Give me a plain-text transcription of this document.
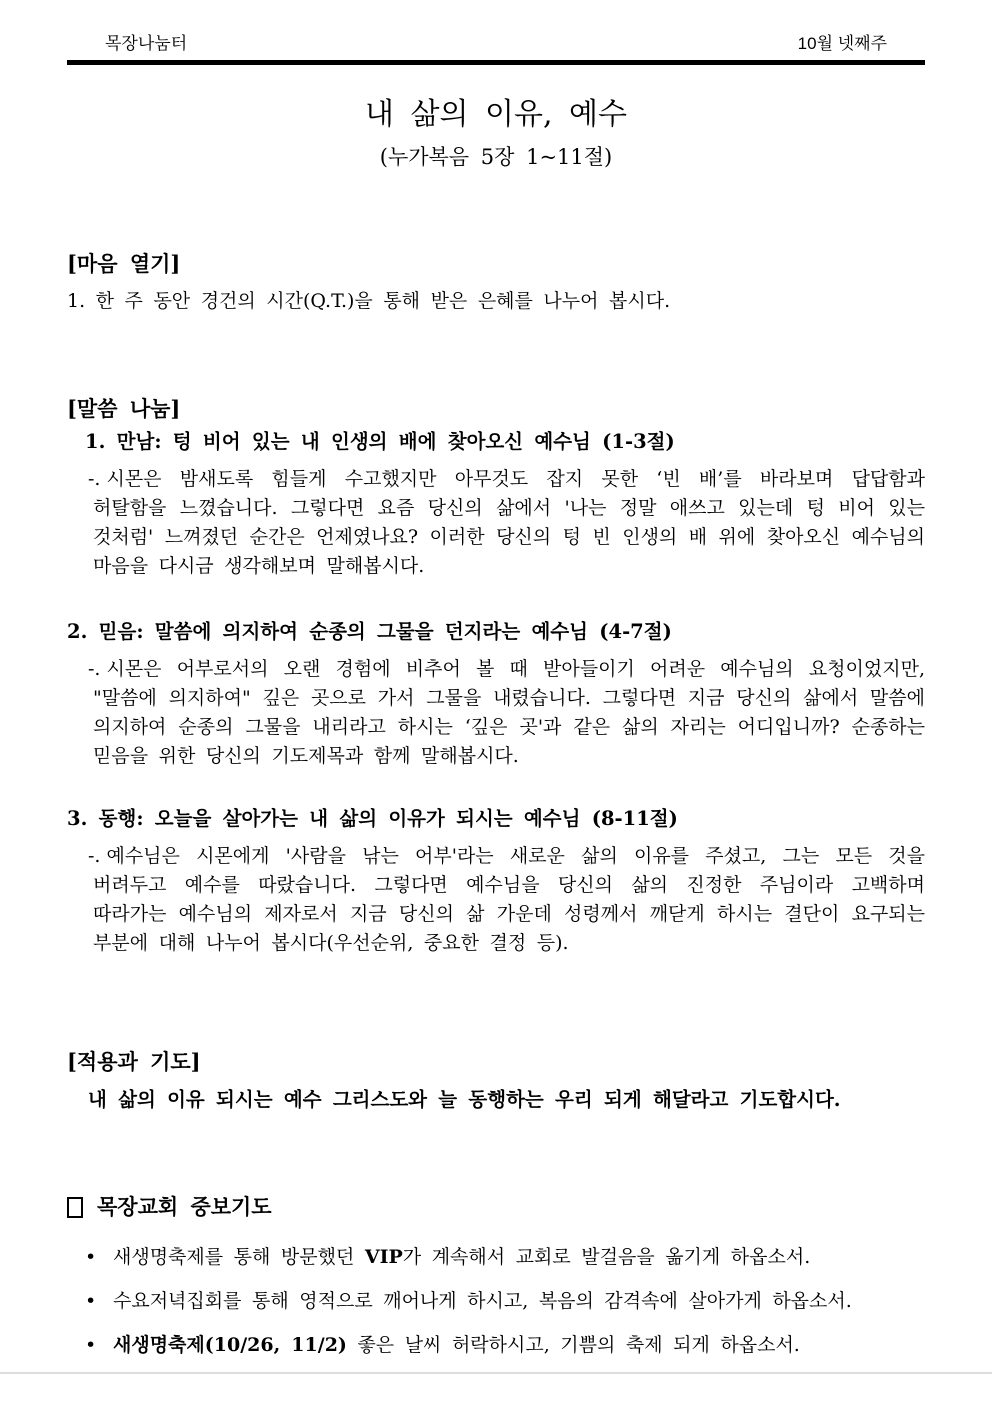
목장나눔터	10월 넷째주
내 삶의 이유, 예수
(누가복음 5장 1~11절)
[마음 열기]

1. 한 주 동안 경건의 시간(Q.T.)을 통해 받은 은혜를 나누어 봅시다.

[말씀 나눔]
1. 만남: 텅 비어 있는 내 인생의 배에 찾아오신 예수님 (1-3절)

-. 시몬은 밤새도록 힘들게 수고했지만 아무것도 잡지 못한 ‘빈 배’를 바라보며 답답함과 허탈함을 느꼈습니다. 그렇다면 요즘 당신의 삶에서 '나는 정말 애쓰고 있는데 텅 비어 있는 것처럼' 느껴졌던 순간은 언제였나요? 이러한 당신의 텅 빈 인생의 배 위에 찾아오신 예수님의 마음을 다시금 생각해보며 말해봅시다.

2. 믿음: 말씀에 의지하여 순종의 그물을 던지라는 예수님 (4-7절)

-. 시몬은 어부로서의 오랜 경험에 비추어 볼 때 받아들이기 어려운 예수님의 요청이었지만, "말씀에 의지하여" 깊은 곳으로 가서 그물을 내렸습니다. 그렇다면 지금 당신의 삶에서 말씀에 의지하여 순종의 그물을 내리라고 하시는 ‘깊은 곳'과 같은 삶의 자리는 어디입니까? 순종하는 믿음을 위한 당신의 기도제목과 함께 말해봅시다.

3. 동행: 오늘을 살아가는 내 삶의 이유가 되시는 예수님 (8-11절)

-. 예수님은 시몬에게 '사람을 낚는 어부'라는 새로운 삶의 이유를 주셨고, 그는 모든 것을 버려두고 예수를 따랐습니다. 그렇다면 예수님을 당신의 삶의 진정한 주님이라 고백하며 따라가는 예수님의 제자로서 지금 당신의 삶 가운데 성령께서 깨닫게 하시는 결단이 요구되는 부분에 대해 나누어 봅시다(우선순위, 중요한 결정 등).

[적용과 기도]

내 삶의 이유 되시는 예수 그리스도와 늘 동행하는 우리 되게 해달라고 기도합시다.

목장교회 중보기도
• 새생명축제를 통해 방문했던 VIP가 계속해서 교회로 발걸음을 옮기게 하옵소서.
• 수요저녁집회를 통해 영적으로 깨어나게 하시고, 복음의 감격속에 살아가게 하옵소서.
• 새생명축제(10/26, 11/2) 좋은 날씨 허락하시고, 기쁨의 축제 되게 하옵소서.
